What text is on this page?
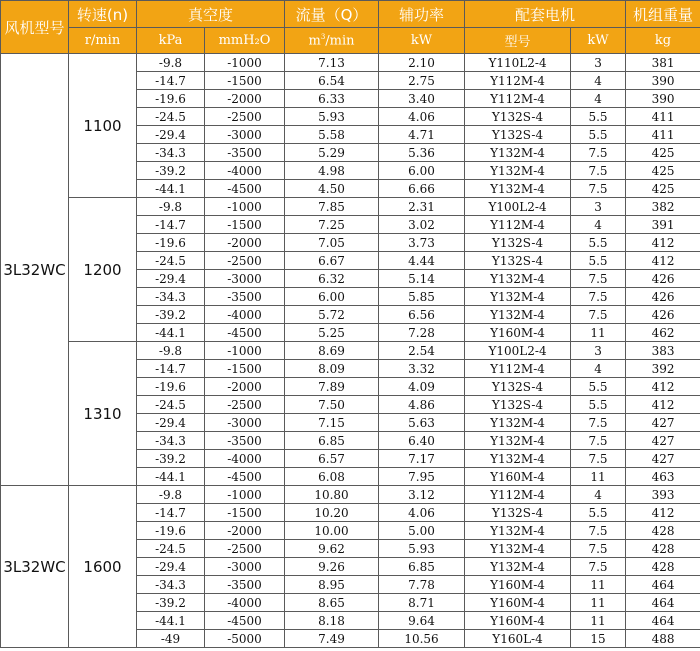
风机型号	转速(n)	真空度		流量（Q）	辅功率	配套电机		机组重量
	r/min	kPa	mmH₂O	$m^3/\min$	kW	型号	kW	kg
3L32WC	1100	-9.8	-1000	7.13	2.10	Y110L2-4	3	381
		-14.7	-1500	6.54	2.75	Y112M-4	4	390
		-19.6	-2000	6.33	3.40	Y112M-4	4	390
		-24.5	-2500	5.93	4.06	Y132S-4	5.5	411
		-29.4	-3000	5.58	4.71	Y132S-4	5.5	411
		-34.3	-3500	5.29	5.36	Y132M-4	7.5	425
		-39.2	-4000	4.98	6.00	Y132M-4	7.5	425
		-44.1	-4500	4.50	6.66	Y132M-4	7.5	425
	1200	-9.8	-1000	7.85	2.31	Y100L2-4	3	382
		-14.7	-1500	7.25	3.02	Y112M-4	4	391
		-19.6	-2000	7.05	3.73	Y132S-4	5.5	412
		-24.5	-2500	6.67	4.44	Y132S-4	5.5	412
		-29.4	-3000	6.32	5.14	Y132M-4	7.5	426
		-34.3	-3500	6.00	5.85	Y132M-4	7.5	426
		-39.2	-4000	5.72	6.56	Y132M-4	7.5	426
		-44.1	-4500	5.25	7.28	Y160M-4	11	462
	1310	-9.8	-1000	8.69	2.54	Y100L2-4	3	383
		-14.7	-1500	8.09	3.32	Y112M-4	4	392
		-19.6	-2000	7.89	4.09	Y132S-4	5.5	412
		-24.5	-2500	7.50	4.86	Y132S-4	5.5	412
		-29.4	-3000	7.15	5.63	Y132M-4	7.5	427
		-34.3	-3500	6.85	6.40	Y132M-4	7.5	427
		-39.2	-4000	6.57	7.17	Y132M-4	7.5	427
		-44.1	-4500	6.08	7.95	Y160M-4	11	463
3L32WC	1600	-9.8	-1000	10.80	3.12	Y112M-4	4	393
		-14.7	-1500	10.20	4.06	Y132S-4	5.5	412
		-19.6	-2000	10.00	5.00	Y132M-4	7.5	428
		-24.5	-2500	9.62	5.93	Y132M-4	7.5	428
		-29.4	-3000	9.26	6.85	Y132M-4	7.5	428
		-34.3	-3500	8.95	7.78	Y160M-4	11	464
		-39.2	-4000	8.65	8.71	Y160M-4	11	464
		-44.1	-4500	8.18	9.64	Y160M-4	11	464
		-49	-5000	7.49	10.56	Y160L-4	15	488
